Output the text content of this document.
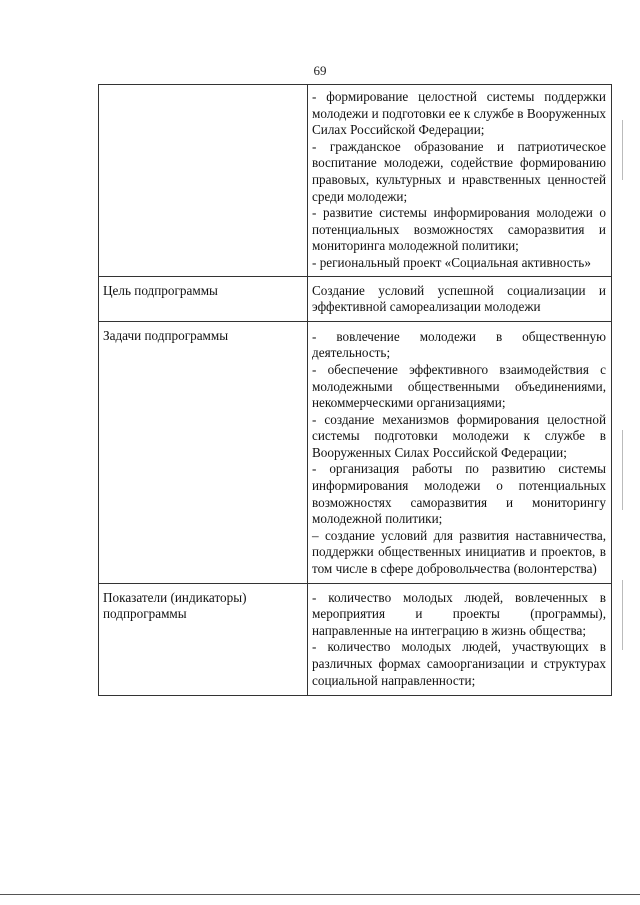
69

	- формирование целостной системы поддержки молодежи и подготовки ее к службе в Вооруженных Силах Российской Федерации;

- гражданское образование и патриотическое воспитание молодежи, содействие формированию правовых, культурных и нравственных ценностей среди молодежи;

- развитие системы информирования молодежи о потенциальных возможностях саморазвития и мониторинга молодежной политики;

- региональный проект «Социальная активность»

Цель подпрограммы	Создание условий успешной социализации и эффективной самореализации молодежи

Задачи подпрограммы	- вовлечение молодежи в общественную деятельность;

- обеспечение эффективного взаимодействия с молодежными общественными объединениями, некоммерческими организациями;

- создание механизмов формирования целостной системы подготовки молодежи к службе в Вооруженных Силах Российской Федерации;

- организация работы по развитию системы информирования молодежи о потенциальных возможностях саморазвития и мониторингу молодежной политики;

– создание условий для развития наставничества, поддержки общественных инициатив и проектов, в том числе в сфере добровольчества (волонтерства)

Показатели (индикаторы) подпрограммы	- количество молодых людей, вовлеченных в мероприятия и проекты (программы), направленные на интеграцию в жизнь общества;

- количество молодых людей, участвующих в различных формах самоорганизации и структурах социальной направленности;
